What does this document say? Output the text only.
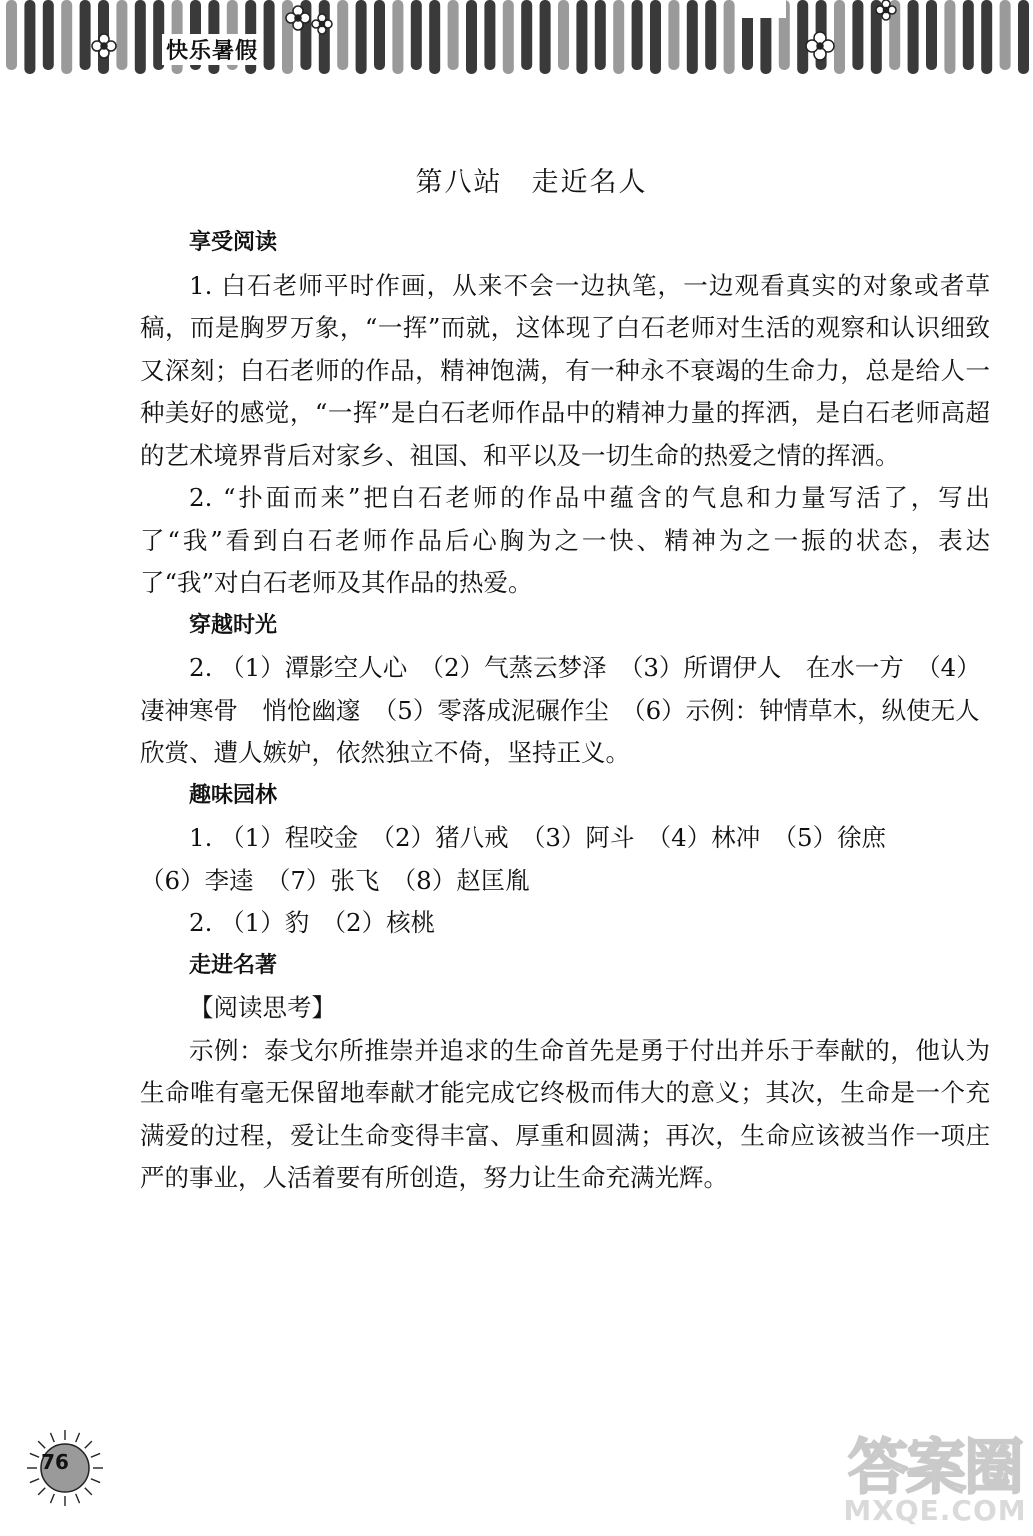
快乐暑假
第八站　走近名人
享受阅读

1. 白石老师平时作画，从来不会一边执笔，一边观看真实的对象或者草稿，而是胸罗万象，“一挥”而就，这体现了白石老师对生活的观察和认识细致又深刻；白石老师的作品，精神饱满，有一种永不衰竭的生命力，总是给人一种美好的感觉，“一挥”是白石老师作品中的精神力量的挥洒，是白石老师高超的艺术境界背后对家乡、祖国、和平以及一切生命的热爱之情的挥洒。

2. “扑面而来”把白石老师的作品中蕴含的气息和力量写活了，写出了“我”看到白石老师作品后心胸为之一快、精神为之一振的状态，表达了“我”对白石老师及其作品的热爱。

穿越时光

2. （1）潭影空人心　（2）气蒸云梦泽　（3）所谓伊人　在水一方　（4）凄神寒骨　悄怆幽邃　（5）零落成泥碾作尘　（6）示例：钟情草木，纵使无人欣赏、遭人嫉妒，依然独立不倚，坚持正义。

趣味园林
1. （1）程咬金　（2）猪八戒　（3）阿斗　（4）林冲　（5）徐庶
（6）李逵　（7）张飞　（8）赵匡胤
2. （1）豹　（2）核桃
走进名著
【阅读思考】

示例：泰戈尔所推崇并追求的生命首先是勇于付出并乐于奉献的，他认为生命唯有毫无保留地奉献才能完成它终极而伟大的意义；其次，生命是一个充满爱的过程，爱让生命变得丰富、厚重和圆满；再次，生命应该被当作一项庄严的事业，人活着要有所创造，努力让生命充满光辉。

76	答案圈
MXQE.COM
